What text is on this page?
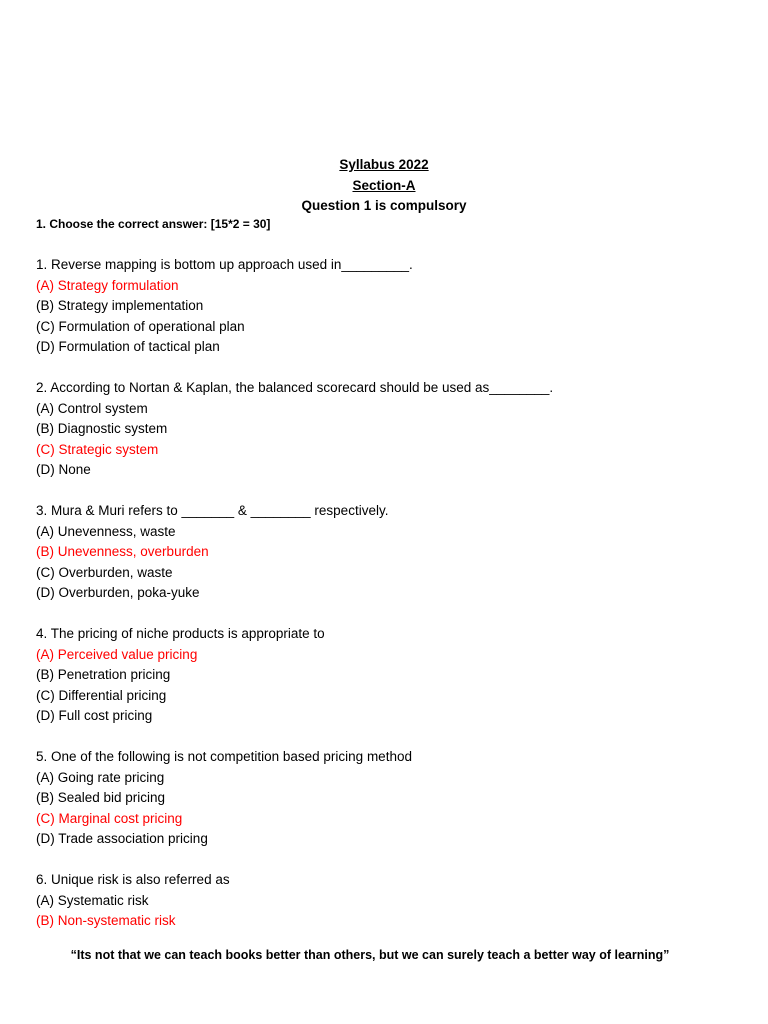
Syllabus 2022
Section-A
Question 1 is compulsory
1. Choose the correct answer: [15*2 = 30]
1. Reverse mapping is bottom up approach used in_________.
(A) Strategy formulation
(B) Strategy implementation
(C) Formulation of operational plan
(D) Formulation of tactical plan
2. According to Nortan & Kaplan, the balanced scorecard should be used as________.
(A) Control system
(B) Diagnostic system
(C) Strategic system
(D) None
3. Mura & Muri refers to _______ & ________ respectively.
(A) Unevenness, waste
(B) Unevenness, overburden
(C) Overburden, waste
(D) Overburden, poka-yuke
4. The pricing of niche products is appropriate to
(A) Perceived value pricing
(B) Penetration pricing
(C) Differential pricing
(D) Full cost pricing
5. One of the following is not competition based pricing method
(A) Going rate pricing
(B) Sealed bid pricing
(C) Marginal cost pricing
(D) Trade association pricing
6. Unique risk is also referred as
(A) Systematic risk
(B) Non-systematic risk
“Its not that we can teach books better than others, but we can surely teach a better way of learning”
